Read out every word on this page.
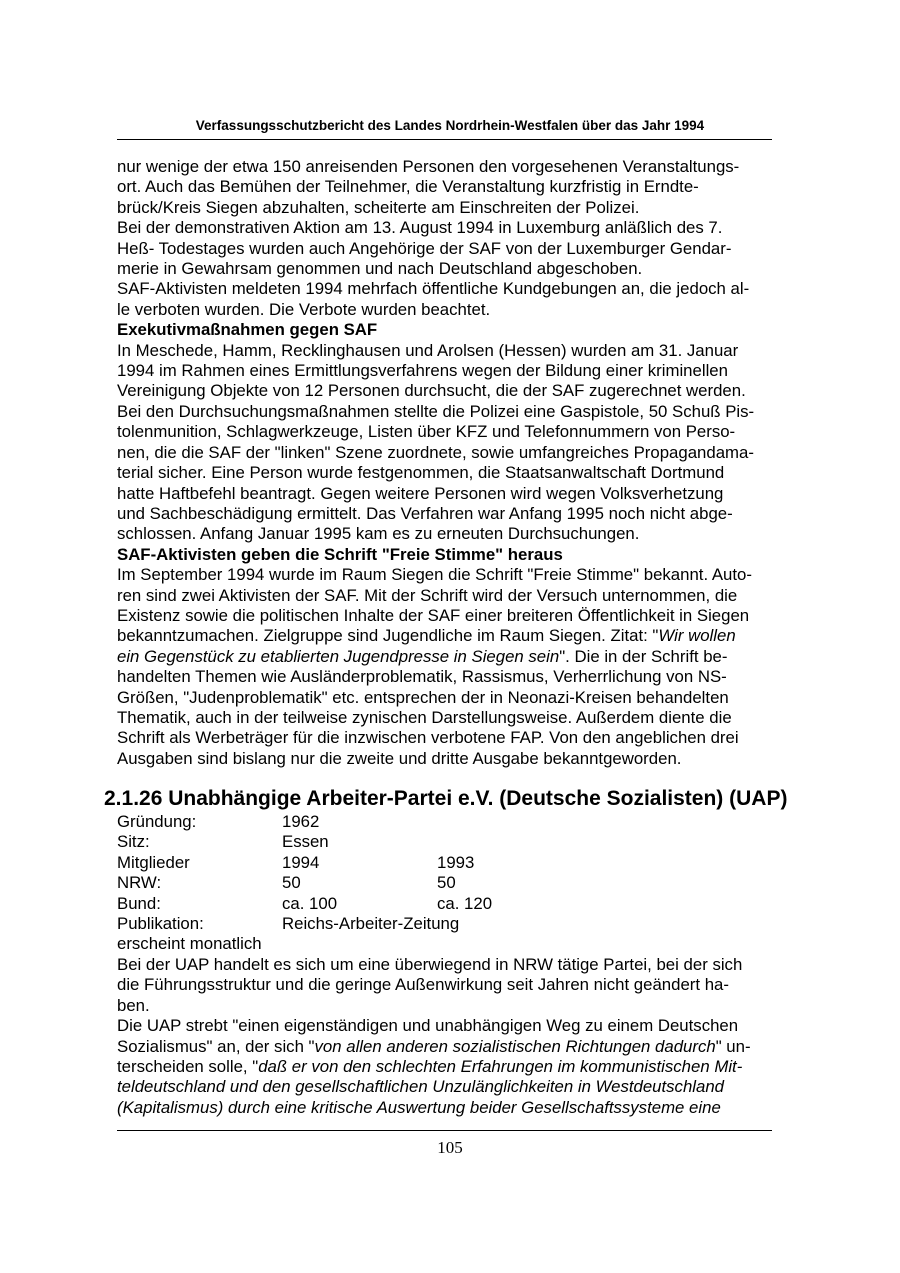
Verfassungsschutzbericht des Landes Nordrhein-Westfalen über das Jahr 1994
nur wenige der etwa 150 anreisenden Personen den vorgesehenen Veranstaltungs-
ort. Auch das Bemühen der Teilnehmer, die Veranstaltung kurzfristig in Erndte-
brück/Kreis Siegen abzuhalten, scheiterte am Einschreiten der Polizei.
Bei der demonstrativen Aktion am 13. August 1994 in Luxemburg anläßlich des 7.
Heß- Todestages wurden auch Angehörige der SAF von der Luxemburger Gendar-
merie in Gewahrsam genommen und nach Deutschland abgeschoben.
SAF-Aktivisten meldeten 1994 mehrfach öffentliche Kundgebungen an, die jedoch al-
le verboten wurden. Die Verbote wurden beachtet.
Exekutivmaßnahmen gegen SAF
In Meschede, Hamm, Recklinghausen und Arolsen (Hessen) wurden am 31. Januar
1994 im Rahmen eines Ermittlungsverfahrens wegen der Bildung einer kriminellen
Vereinigung Objekte von 12 Personen durchsucht, die der SAF zugerechnet werden.
Bei den Durchsuchungsmaßnahmen stellte die Polizei eine Gaspistole, 50 Schuß Pis-
tolenmunition, Schlagwerkzeuge, Listen über KFZ und Telefonnummern von Perso-
nen, die die SAF der "linken" Szene zuordnete, sowie umfangreiches Propagandama-
terial sicher. Eine Person wurde festgenommen, die Staatsanwaltschaft Dortmund
hatte Haftbefehl beantragt. Gegen weitere Personen wird wegen Volksverhetzung
und Sachbeschädigung ermittelt. Das Verfahren war Anfang 1995 noch nicht abge-
schlossen. Anfang Januar 1995 kam es zu erneuten Durchsuchungen.
SAF-Aktivisten geben die Schrift "Freie Stimme" heraus
Im September 1994 wurde im Raum Siegen die Schrift "Freie Stimme" bekannt. Auto-
ren sind zwei Aktivisten der SAF. Mit der Schrift wird der Versuch unternommen, die
Existenz sowie die politischen Inhalte der SAF einer breiteren Öffentlichkeit in Siegen
bekanntzumachen. Zielgruppe sind Jugendliche im Raum Siegen. Zitat: "Wir wollen
ein Gegenstück zu etablierten Jugendpresse in Siegen sein". Die in der Schrift be-
handelten Themen wie Ausländerproblematik, Rassismus, Verherrlichung von NS-
Größen, "Judenproblematik" etc. entsprechen der in Neonazi-Kreisen behandelten
Thematik, auch in der teilweise zynischen Darstellungsweise. Außerdem diente die
Schrift als Werbeträger für die inzwischen verbotene FAP. Von den angeblichen drei
Ausgaben sind bislang nur die zweite und dritte Ausgabe bekanntgeworden.
2.1.26 Unabhängige Arbeiter-Partei e.V. (Deutsche Sozialisten) (UAP)
Gründung:	1962
Sitz:	Essen
Mitglieder	1994	1993
NRW:	50	50
Bund:	ca. 100	ca. 120
Publikation:	Reichs-Arbeiter-Zeitung
erscheint monatlich
Bei der UAP handelt es sich um eine überwiegend in NRW tätige Partei, bei der sich
die Führungsstruktur und die geringe Außenwirkung seit Jahren nicht geändert ha-
ben.
Die UAP strebt "einen eigenständigen und unabhängigen Weg zu einem Deutschen
Sozialismus" an, der sich "von allen anderen sozialistischen Richtungen dadurch" un-
terscheiden solle, "daß er von den schlechten Erfahrungen im kommunistischen Mit-
teldeutschland und den gesellschaftlichen Unzulänglichkeiten in Westdeutschland
(Kapitalismus) durch eine kritische Auswertung beider Gesellschaftssysteme eine
105
